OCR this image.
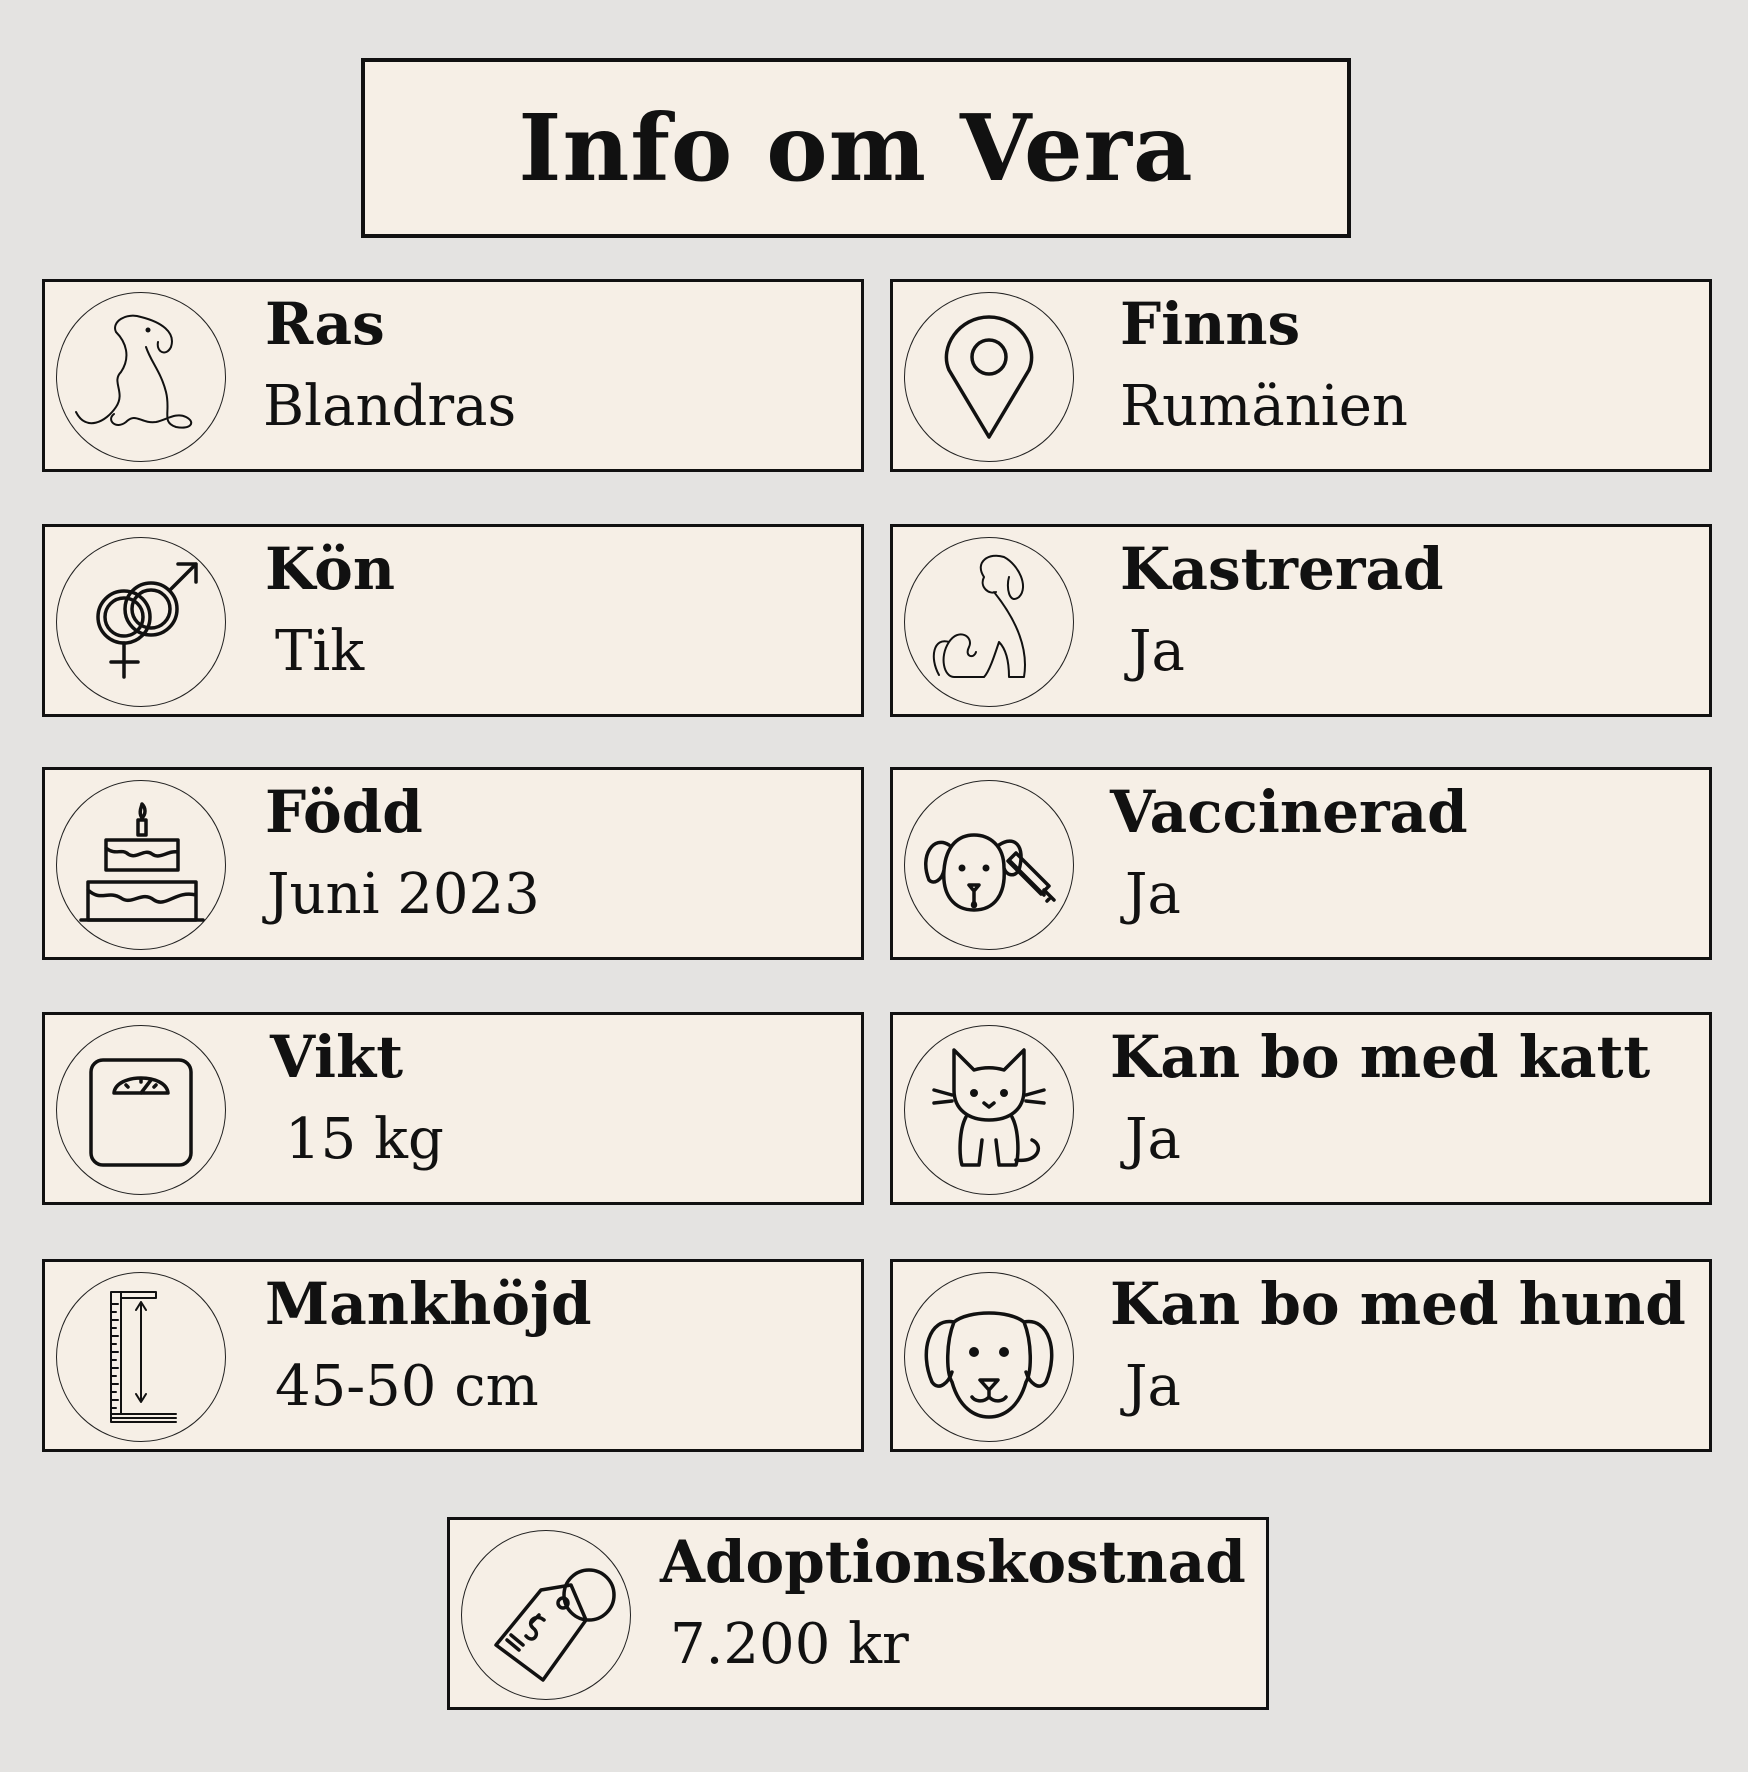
Info om Vera
Ras
Blandras
Finns
Rumänien
Kön
Tik
Kastrerad
Ja
Född
Juni 2023
Vaccinerad
Ja
Vikt
15 kg
Kan bo med katt
Ja
Mankhöjd
45-50 cm
Kan bo med hund
Ja
Adoptionskostnad
7.200 kr
